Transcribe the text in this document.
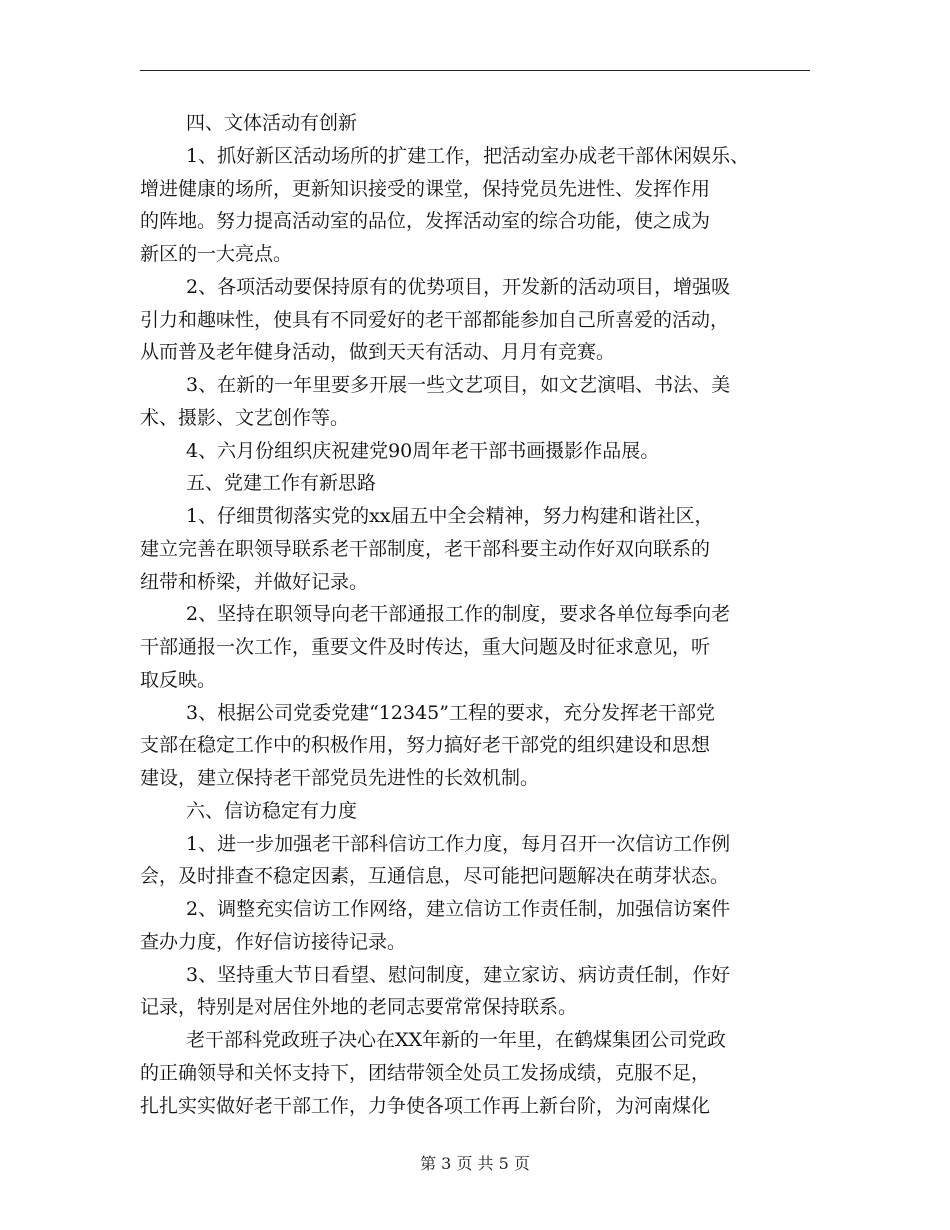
四、文体活动有创新
1、抓好新区活动场所的扩建工作，把活动室办成老干部休闲娱乐、
增进健康的场所，更新知识接受的课堂，保持党员先进性、发挥作用
的阵地。努力提高活动室的品位，发挥活动室的综合功能，使之成为
新区的一大亮点。
2、各项活动要保持原有的优势项目，开发新的活动项目，增强吸
引力和趣味性，使具有不同爱好的老干部都能参加自己所喜爱的活动，
从而普及老年健身活动，做到天天有活动、月月有竞赛。
3、在新的一年里要多开展一些文艺项目，如文艺演唱、书法、美
术、摄影、文艺创作等。
4、六月份组织庆祝建党90周年老干部书画摄影作品展。
五、党建工作有新思路
1、仔细贯彻落实党的xx届五中全会精神，努力构建和谐社区，
建立完善在职领导联系老干部制度，老干部科要主动作好双向联系的
纽带和桥梁，并做好记录。
2、坚持在职领导向老干部通报工作的制度，要求各单位每季向老
干部通报一次工作，重要文件及时传达，重大问题及时征求意见，听
取反映。
3、根据公司党委党建“12345”工程的要求，充分发挥老干部党
支部在稳定工作中的积极作用，努力搞好老干部党的组织建设和思想
建设，建立保持老干部党员先进性的长效机制。
六、信访稳定有力度
1、进一步加强老干部科信访工作力度，每月召开一次信访工作例
会，及时排查不稳定因素，互通信息，尽可能把问题解决在萌芽状态。
2、调整充实信访工作网络，建立信访工作责任制，加强信访案件
查办力度，作好信访接待记录。
3、坚持重大节日看望、慰问制度，建立家访、病访责任制，作好
记录，特别是对居住外地的老同志要常常保持联系。
老干部科党政班子决心在XX年新的一年里，在鹤煤集团公司党政
的正确领导和关怀支持下，团结带领全处员工发扬成绩，克服不足，
扎扎实实做好老干部工作，力争使各项工作再上新台阶，为河南煤化
第 3 页 共 5 页
